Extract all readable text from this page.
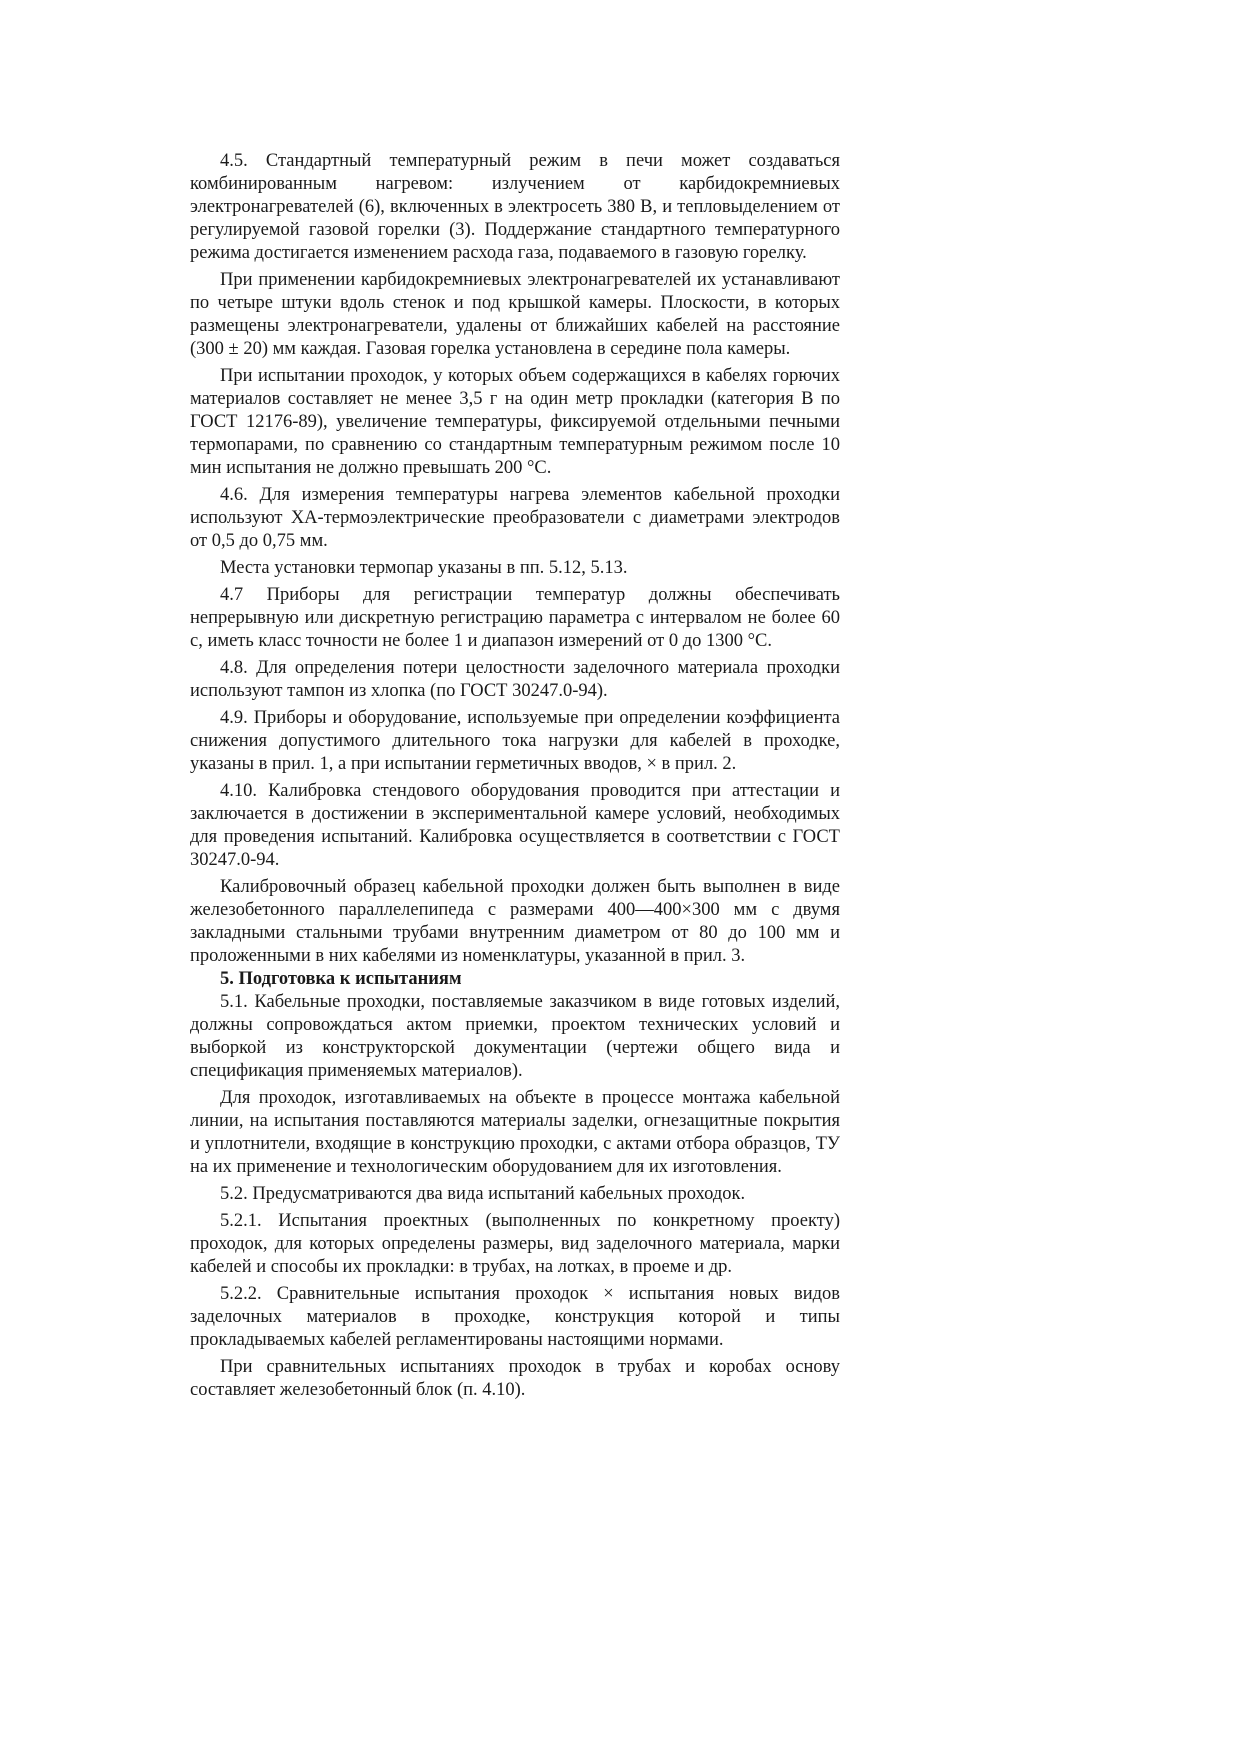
4.5. Стандартный температурный режим в печи может создаваться комбинированным нагревом: излучением от карбидокремниевых электронагревателей (6), включенных в электросеть 380 В, и тепловыделением от регулируемой газовой горелки (3). Поддержание стандартного температурного режима достигается изменением расхода газа, подаваемого в газовую горелку.

При применении карбидокремниевых электронагревателей их устанавливают по четыре штуки вдоль стенок и под крышкой камеры. Плоскости, в которых размещены электронагреватели, удалены от ближайших кабелей на расстояние (300 ± 20) мм каждая. Газовая горелка установлена в середине пола камеры.

При испытании проходок, у которых объем содержащихся в кабелях горючих материалов составляет не менее 3,5 г на один метр прокладки (категория В по ГОСТ 12176-89), увеличение температуры, фиксируемой отдельными печными термопарами, по сравнению со стандартным температурным режимом после 10 мин испытания не должно превышать 200 °С.

4.6. Для измерения температуры нагрева элементов кабельной проходки используют ХА-термоэлектрические преобразователи с диаметрами электродов от 0,5 до 0,75 мм.

Места установки термопар указаны в пп. 5.12, 5.13.

4.7 Приборы для регистрации температур должны обеспечивать непрерывную или дискретную регистрацию параметра с интервалом не более 60 с, иметь класс точности не более 1 и диапазон измерений от 0 до 1300 °С.

4.8. Для определения потери целостности заделочного материала проходки используют тампон из хлопка (по ГОСТ 30247.0-94).

4.9. Приборы и оборудование, используемые при определении коэффициента снижения допустимого длительного тока нагрузки для кабелей в проходке, указаны в прил. 1, а при испытании герметичных вводов, × в прил. 2.

4.10. Калибровка стендового оборудования проводится при аттестации и заключается в достижении в экспериментальной камере условий, необходимых для проведения испытаний. Калибровка осуществляется в соответствии с ГОСТ 30247.0-94.

Калибровочный образец кабельной проходки должен быть выполнен в виде железобетонного параллелепипеда с размерами 400—400×300 мм с двумя закладными стальными трубами внутренним диаметром от 80 до 100 мм и проложенными в них кабелями из номенклатуры, указанной в прил. 3.

5. Подготовка к испытаниям

5.1. Кабельные проходки, поставляемые заказчиком в виде готовых изделий, должны сопровождаться актом приемки, проектом технических условий и выборкой из конструкторской документации (чертежи общего вида и спецификация применяемых материалов).

Для проходок, изготавливаемых на объекте в процессе монтажа кабельной линии, на испытания поставляются материалы заделки, огнезащитные покрытия и уплотнители, входящие в конструкцию проходки, с актами отбора образцов, ТУ на их применение и технологическим оборудованием для их изготовления.

5.2. Предусматриваются два вида испытаний кабельных проходок.

5.2.1. Испытания проектных (выполненных по конкретному проекту) проходок, для которых определены размеры, вид заделочного материала, марки кабелей и способы их прокладки: в трубах, на лотках, в проеме и др.

5.2.2. Сравнительные испытания проходок × испытания новых видов заделочных материалов в проходке, конструкция которой и типы прокладываемых кабелей регламентированы настоящими нормами.

При сравнительных испытаниях проходок в трубах и коробах основу составляет железобетонный блок (п. 4.10).
